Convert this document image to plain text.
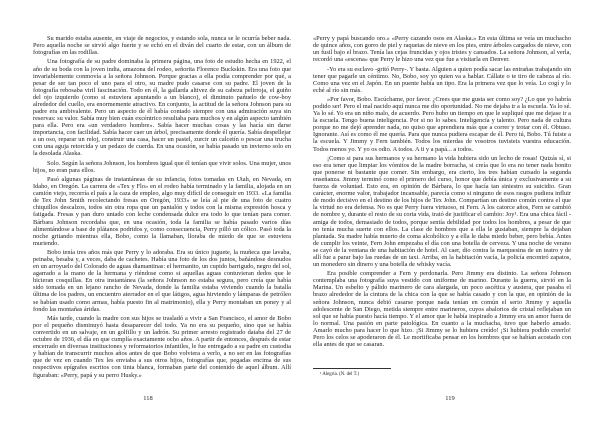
Su marido estaba ausente, en viaje de negocios, y estando sola, nunca se le ocurría beber nada. Pero aquella noche se sirvió algo fuerte y se echó en el diván del cuarto de estar, con un álbum de fotografías en las rodillas.

Una fotografía de su padre dominaba la primera página, una foto de estudio hecha en 1922, el año de su boda con la joven india, amazona del rodeo, señorita Florence Buckskin. Era una foto que invariablemente conmovía a la señora Johnson. Porque gracias a ella podía comprender por qué, a pesar de ser tan poco el uno para el otro, su madre pudo casarse con su padre. El joven de la fotografía rebosaba viril fascinación. Todo en él, la gallarda altivez de su cabeza pelirroja, el guiño del ojo izquierdo (como si estuviera apuntando a un blanco), el diminuto pañuelo de cow-boy alrededor del cuello, era enormemente atractivo. En conjunto, la actitud de la señora Johnson para su padre era ambivalente. Pero un aspecto de él había contado siempre con una admiración suya sin reservas: su valor. Sabía muy bien cuán excéntrico resultaba para muchos y en algún aspecto también para ella. Pero era «un verdadero hombre». Sabía hacer muchas cosas y las hacía sin darse importancia, con facilidad. Sabía hacer caer un árbol, precisamente donde él quería. Sabía despellejar a un oso, reparar un reloj, construir una casa, hacer un pastel, zurcir un calcetín o pescar una trucha con una aguja retorcida y un pedazo de cuerda. En una ocasión, se había pasado un invierno solo en la desolada Alaska.

Solo. Según la señora Johnson, los hombres igual que él tenían que vivir solos. Una mujer, unos hijos, no eran para ellos.

Pasó algunas páginas de instantáneas de su infancia, fotos tomadas en Utah, en Nevada, en Idaho, en Oregón. La carrera de «Tex y Flo» en el rodeo había terminado y la familia, alojada en un camión viejo, recorría el país a la caza de empleo, algo muy difícil de conseguir en 1933. «La familia de Tex John Smith recolectando fresas en Oregón, 1933» se leía al pie de una foto de cuatro chiquillos descalzos, todos sin otra ropa que un pantalón y todos con la misma expresión hosca y fatigada. Fresas y pan duro untado con leche condensada dulce era todo lo que tenían para comer. Bárbara Johnson recordaba que, en una ocasión, toda la familia se había pasado varios días alimentándose a base de plátanos podridos y, como consecuencia, Perry pilló un cólico. Pasó toda la noche gritando mientras ella, Bobo, como la llamaban, lloraba de miedo de que se estuviera muriendo.

Bobo tenía tres años más que Perry y lo adoraba. Era su único juguete, la muñeca que lavaba, peinaba, besaba y, a veces, daba de cachetes. Había una foto de los dos juntos, bañándose desnudos en un arroyuelo del Colorado de aguas diamantinas: el hermanito, un cupido barrigudo, negro del sol, agarrado a la mano de la hermana y riéndose como si aquellas aguas contuvieran dedos que le hicieran cosquillas. En otra instantánea (la señora Johnson no estaba segura, pero creía que había sido tomada en un lejano rancho de Nevada, donde la familia estaba viviendo cuando la batalla última de los padres, un encuentro aterrador en el que látigos, agua hirviendo y lámparas de petróleo se habían usado como armas, había puesto fin al matrimonio), ella y Perry montaban un poney y al fondo las montañas áridas.

Más tarde, cuando la madre con sus hijos se trasladó a vivir a San Francisco, el amor de Bobo por el pequeño disminuyó hasta desaparecer del todo. Ya no era su pequeño, sino que se había convertido en un salvaje, en un golfillo y un ladrón. Su primer arresto registrado databa del 27 de octubre de 1936, el día en que cumplía exactamente ocho años. A partir de entonces, después de estar encerrado en diversas instituciones y reformatorios infantiles, le fue entregado a su padre en custodia y habían de transcurrir muchos años antes de que Bobo volviera a verlo, a no ser en las fotografías que de vez en cuando Tex les enviaba a sus otros hijos, fotografías que, pegadas encima de sus respectivos epígrafes escritos con tinta blanca, formaban parte del contenido de aquel álbum. Allí figuraban: «Perry, papá y su perro Husky.»

118

«Perry y papá buscando oro.» «Perry cazando osos en Alaska.» En esta última se veía un muchacho de quince años, con gorro de piel y raquetas de nieve en los pies, entre árboles cargados de nieve, con un fusil bajo el brazo. Tenía las cejas fruncidas y ojos tristes y cansados. La señora Johnson, al verla, recordó una «escena» que Perry le hizo una vez que fue a visitarla en Denver.

-Yo era su esclavo -gritó Perry-. Y basta. Alguien a quien podía sacar las entrañas trabajando sin tener que pagarle un céntimo. No, Bobo, soy yo quien va a hablar. Cállate o te tiro de cabeza al río. Como una vez en el Japón. En un puente había un tipo. Era la primera vez que lo veía. Lo cogí y lo eché al río sin más.

»Por favor, Bobo. Escúchame, por favor. ¿Crees que me gusta ser como soy? ¿Lo que yo habría podido ser! Pero el mal nacido aquí nunca me dio oportunidad. No me dejaba ir a la escuela. Ya lo sé. Ya lo sé. Yo era un niño malo, de acuerdo. Pero hubo un tiempo en que le supliqué que me dejase ir a la escuela. Tengo buena inteligencia. Por si no lo sabes. Inteligencia y talento. Pero nada de cultura porque no me dejó aprender nada, no quiso que aprendiera más que a correr y trotar con él. Obtuso. Ignorante. Así es como él me quería. Para que nunca pudiera escapar de él. Pero tú, Bobo. Tú fuiste a la escuela. Y Jimmy y Fern también. Todos los mierdas de vosotros tuvisteis vuestra educación. Todos menos yo. Y yo os odio. A todos. A ti y a papá... a todos.

¡Como si para sus hermanos y su hermano la vida hubiera sido un lecho de rosas! Quizás sí, si eso era tener que limpiar los vómitos de la madre borracha, si creía que lo era no tener nada bonito que ponerse ni bastante que comer. Sin embargo, era cierto, los tres habían cursado la segunda enseñanza. Jimmy terminó como el primero del curso, honor que debía única y exclusivamente a su fuerza de voluntad. Esto era, en opinión de Bárbara, lo que hacía tan siniestro su suicidio. Gran carácter, enorme valor, trabajador incansable, parecía como si ninguno de esos rasgos pudiera influir de modo decisivo en el destino de los hijos de Tex John. Compartían un destino común contra el que la virtud no era defensa. No es que Perry fuera virtuoso, ni Fern. A los catorce años, Fern se cambió de nombre y, durante el resto de su corta vida, trató de justificar el cambio: Joy¹. Era una chica fácil -amiga de todos, demasiado de todos, porque sentía debilidad por todos los hombres, a pesar de que no tenía mucha suerte con ellos. La clase de hombres que a ella le gustaban, siempre la dejaban plantada. Su madre había muerto de coma alcohólico y a ella le daba miedo beber, pero bebía. Antes de cumplir los veinte, Fern John empezaba el día con una botella de cerveza. Y una noche de verano se cayó de la ventana de una habitación de hotel. Al caer, dio contra la marquesina de un teatro y de allí fue a parar bajo las ruedas de un taxi. Arriba, en la habitación vacía, la policía encontró zapatos, un monedero sin dinero y una botella de whisky vacía.

Era posible comprender a Fern y perdonarla. Pero Jimmy era distinto. La señora Johnson contemplaba una fotografía suya vestido con uniforme de marino. Durante la guerra, sirvió en la Marina. Un esbelto y pálido marinero de cara alargada, un poco ascética y austera, que pasaba el brazo alrededor de la cintura de la chica con la que se había casado y con la que, en opinión de la señora Johnson, nunca debió casarse porque nada tenían en común el serio Jimmy y aquella adolescente de San Diego, metida siempre entre marineros, cuyos abalorios de cristal reflejaban un sol que se había puesto hacía tiempo. Y el amor que le había inspirado a Jimmy era un amor fuera de lo normal. Una pasión en parte patológica. En cuanto a la muchacha, tuvo que haberlo amado. Amarlo mucho para hacer lo que hizo. ¡Si Jimmy se lo hubiera creído! ¡Si hubiera podido creerlo! Pero los celos se apoderaron de él. Le mortificaba pensar en los hombres que se habían acostado con ella antes de que se casaran.

¹ Alegría. (N. del T.)
119
